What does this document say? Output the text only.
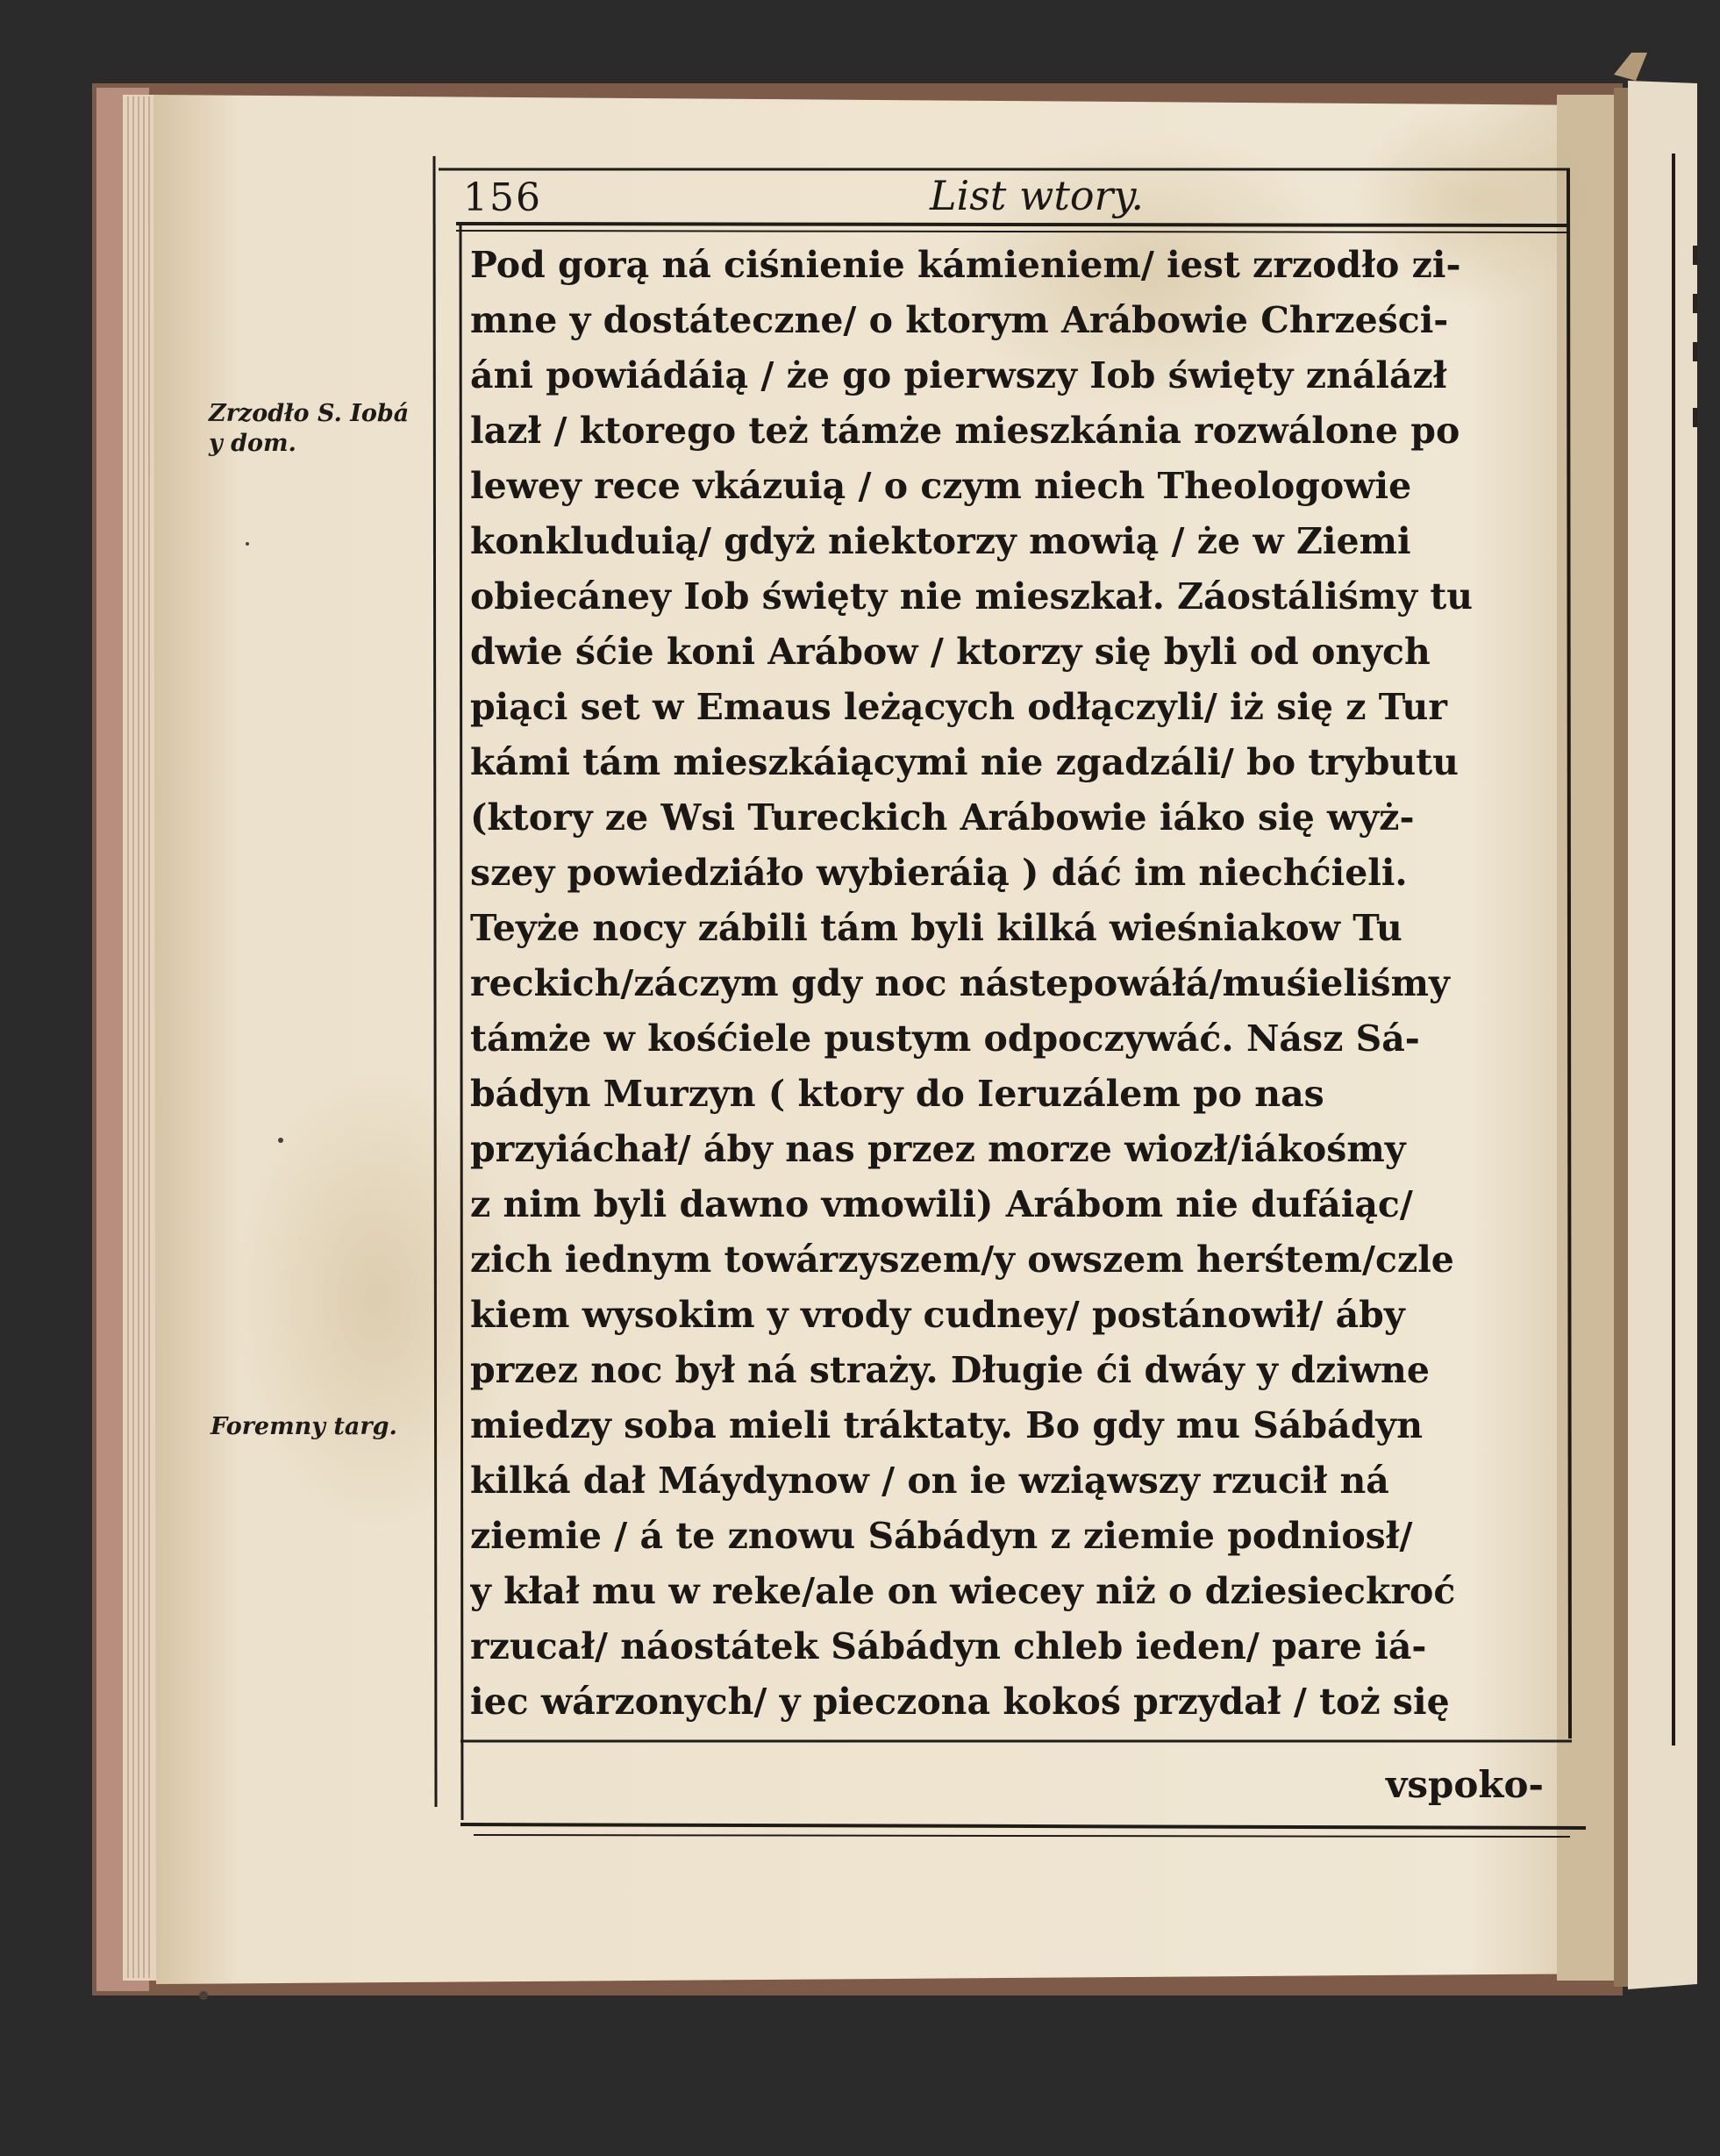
156	List wtory.
Zrzodło S. Iobá
y dom.
Foremny targ.
Pod gorą ná ciśnienie kámieniem/ iest zrzodło zi-
mne y dostáteczne/ o ktorym Arábowie Chrześci-
áni powiádáią / że go pierwszy Iob święty ználázł
lazł / ktorego też támże mieszkánia rozwálone po
lewey rece vkázuią / o czym niech Theologowie
konkluduią/ gdyż niektorzy mowią / że w Ziemi
obiecáney Iob święty nie mieszkał. Záostáliśmy tu
dwie śćie koni Arábow / ktorzy się byli od onych
piąci set w Emaus leżących odłączyli/ iż się z Tur
kámi tám mieszkáiącymi nie zgadzáli/ bo trybutu
(ktory ze Wsi Tureckich Arábowie iáko się wyż-
szey powiedziáło wybieráią ) dáć im niechćieli.
Teyże nocy zábili tám byli kilká wieśniakow Tu
reckich/záczym gdy noc nástepowáłá/muśieliśmy
támże w kośćiele pustym odpoczywáć. Nász Sá-
bádyn Murzyn ( ktory do Ieruzálem po nas
przyiáchał/ áby nas przez morze wiozł/iákośmy
z nim byli dawno vmowili) Arábom nie dufáiąc/
zich iednym towárzyszem/y owszem herśtem/czle
kiem wysokim y vrody cudney/ postánowił/ áby
przez noc był ná straży. Długie ći dwáy y dziwne
miedzy soba mieli tráktaty. Bo gdy mu Sábádyn
kilká dał Máydynow / on ie wziąwszy rzucił ná
ziemie / á te znowu Sábádyn z ziemie podniosł/
y kłał mu w reke/ale on wiecey niż o dziesieckroć
rzucał/ náostátek Sábádyn chleb ieden/ pare iá-
iec wárzonych/ y pieczona kokoś przydał / toż się
vspoko-
